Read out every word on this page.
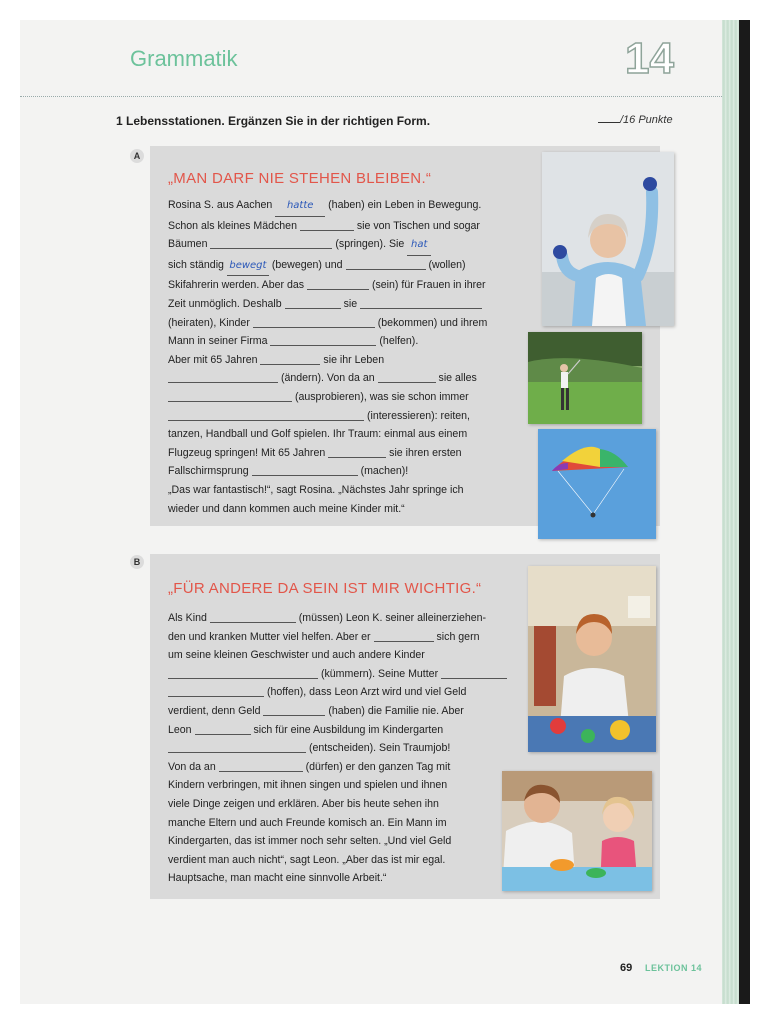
Grammatik	14
1 Lebensstationen. Ergänzen Sie in der richtigen Form.	/16 Punkte
A
„MAN DARF NIE STEHEN BLEIBEN.“
Rosina S. aus Aachen hatte (haben) ein Leben in Bewegung.
Schon als kleines Mädchen	sie von Tischen und sogar
Bäumen	(springen). Sie hat
sich ständig bewegt (bewegen) und	(wollen)
Skifahrerin werden. Aber das	(sein) für Frauen in ihrer
Zeit unmöglich. Deshalb	sie
(heiraten), Kinder	(bekommen) und ihrem
Mann in seiner Firma	(helfen).
Aber mit 65 Jahren	sie ihr Leben
(ändern). Von da an	sie alles
(ausprobieren), was sie schon immer
(interessieren): reiten,
tanzen, Handball und Golf spielen. Ihr Traum: einmal aus einem
Flugzeug springen! Mit 65 Jahren	sie ihren ersten
Fallschirmsprung	(machen)!
„Das war fantastisch!“, sagt Rosina. „Nächstes Jahr springe ich
wieder und dann kommen auch meine Kinder mit.“
B
„FÜR ANDERE DA SEIN IST MIR WICHTIG.“
Als Kind	(müssen) Leon K. seiner alleinerziehen-
den und kranken Mutter viel helfen. Aber er	sich gern
um seine kleinen Geschwister und auch andere Kinder
(kümmern). Seine Mutter
(hoffen), dass Leon Arzt wird und viel Geld
verdient, denn Geld	(haben) die Familie nie. Aber
Leon	sich für eine Ausbildung im Kindergarten
(entscheiden). Sein Traumjob!
Von da an	(dürfen) er den ganzen Tag mit
Kindern verbringen, mit ihnen singen und spielen und ihnen
viele Dinge zeigen und erklären. Aber bis heute sehen ihn
manche Eltern und auch Freunde komisch an. Ein Mann im
Kindergarten, das ist immer noch sehr selten. „Und viel Geld
verdient man auch nicht“, sagt Leon. „Aber das ist mir egal.
Hauptsache, man macht eine sinnvolle Arbeit.“
69 LEKTION 14
